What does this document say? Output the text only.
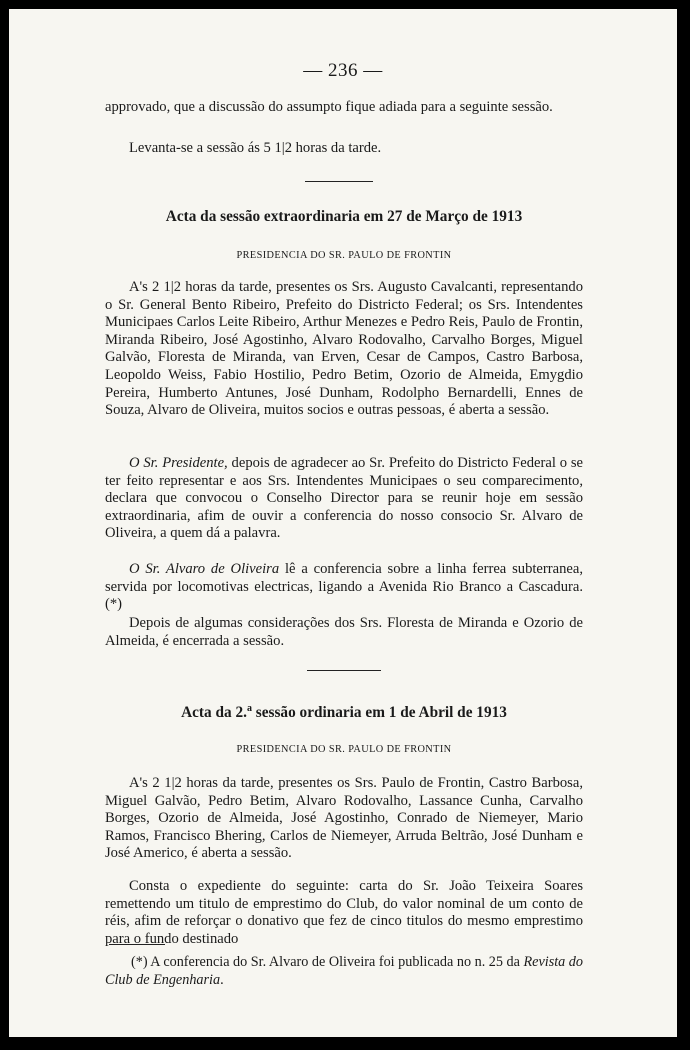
— 236 —

approvado, que a discussão do assumpto fique adiada para a seguinte sessão.

Levanta-se a sessão ás 5 1|2 horas da tarde.

Acta da sessão extraordinaria em 27 de Março de 1913

PRESIDENCIA DO SR. PAULO DE FRONTIN

A's 2 1|2 horas da tarde, presentes os Srs. Augusto Cavalcanti, representando o Sr. General Bento Ribeiro, Prefeito do Districto Federal; os Srs. Intendentes Municipaes Carlos Leite Ribeiro, Arthur Menezes e Pedro Reis, Paulo de Frontin, Miranda Ribeiro, José Agostinho, Alvaro Rodovalho, Carvalho Borges, Miguel Galvão, Floresta de Miranda, van Erven, Cesar de Campos, Castro Barbosa, Leopoldo Weiss, Fabio Hostilio, Pedro Betim, Ozorio de Almeida, Emygdio Pereira, Humberto Antunes, José Dunham, Rodolpho Bernardelli, Ennes de Souza, Alvaro de Oliveira, muitos socios e outras pessoas, é aberta a sessão.

O Sr. Presidente, depois de agradecer ao Sr. Prefeito do Districto Federal o se ter feito representar e aos Srs. Intendentes Municipaes o seu comparecimento, declara que convocou o Conselho Director para se reunir hoje em sessão extraordinaria, afim de ouvir a conferencia do nosso consocio Sr. Alvaro de Oliveira, a quem dá a palavra.

O Sr. Alvaro de Oliveira lê a conferencia sobre a linha ferrea subterranea, servida por locomotivas electricas, ligando a Avenida Rio Branco a Cascadura. (*)

Depois de algumas considerações dos Srs. Floresta de Miranda e Ozorio de Almeida, é encerrada a sessão.

Acta da 2.$^a$ sessão ordinaria em 1 de Abril de 1913

PRESIDENCIA DO SR. PAULO DE FRONTIN

A's 2 1|2 horas da tarde, presentes os Srs. Paulo de Frontin, Castro Barbosa, Miguel Galvão, Pedro Betim, Alvaro Rodovalho, Lassance Cunha, Carvalho Borges, Ozorio de Almeida, José Agostinho, Conrado de Niemeyer, Mario Ramos, Francisco Bhering, Carlos de Niemeyer, Arruda Beltrão, José Dunham e José Americo, é aberta a sessão.

Consta o expediente do seguinte: carta do Sr. João Teixeira Soares remettendo um titulo de emprestimo do Club, do valor nominal de um conto de réis, afim de reforçar o donativo que fez de cinco titulos do mesmo emprestimo para o fundo destinado

(*) A conferencia do Sr. Alvaro de Oliveira foi publicada no n. 25 da Revista do Club de Engenharia.
